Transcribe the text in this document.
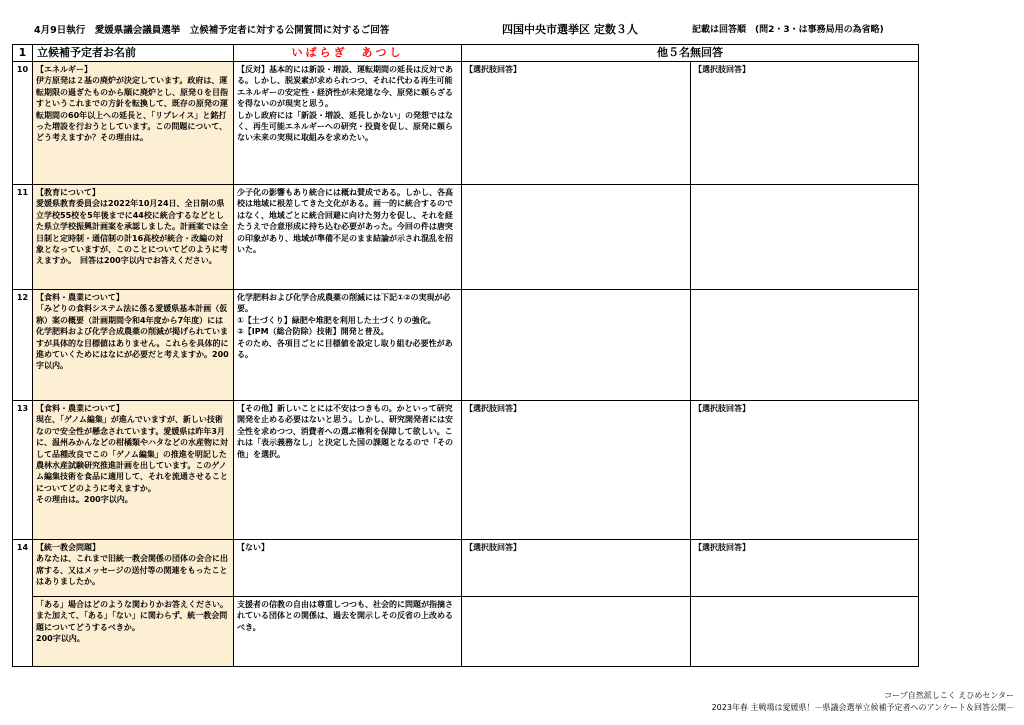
4月9日執行　愛媛県議会議員選挙　立候補予定者に対する公開質問に対するご回答	四国中央市選挙区 定数３人	記載は回答順　(問2・3・は事務局用の為省略)
1	立候補予定者お名前	いばらぎ　あつし	他５名無回答	
10	【エネルギー】
伊方原発は２基の廃炉が決定しています。政府は、運転期限の過ぎたものから順に廃炉とし、原発０を目指すというこれまでの方針を転換して、既存の原発の運転期間の60年以上への延長と、「リプレイス」と銘打った増設を行おうとしています。この問題について、どう考えますか？その理由は。	【反対】基本的には新設・増設、運転期間の延長は反対である。しかし、脱炭素が求められつつ、それに代わる再生可能エネルギーの安定性・経済性が未発達な今、原発に頼らざるを得ないのが現実と思う。
しかし政府には「新設・増設、延長しかない」の発想ではなく、再生可能エネルギーへの研究・投資を促し、原発に頼らない未来の実現に取組みを求めたい。	【選択肢回答】	【選択肢回答】
11	【教育について】
愛媛県教育委員会は2022年10月24日、全日制の県立学校55校を5年後までに44校に統合するなどとした県立学校振興計画案を承認しました。計画案では全日制と定時制・通信制の計16高校が統合・改編の対象となっていますが、このことについてどのように考えますか。　回答は200字以内でお答えください。	少子化の影響もあり統合には概ね賛成である。しかし、各高校は地域に根差してきた文化がある。画一的に統合するのではなく、地域ごとに統合回避に向けた努力を促し、それを経たうえで合意形成に持ち込む必要があった。今回の件は唐突の印象があり、地域が準備不足のまま結論が示され混乱を招いた。		
12	【食料・農業について】
「みどりの食料システム法に係る愛媛県基本計画（仮称）案の概要（計画期間令和4年度から7年度）には化学肥料および化学合成農薬の削減が掲げられていますが具体的な目標値はありません。これらを具体的に進めていくためにはなにが必要だと考えますか。200字以内。	化学肥料および化学合成農薬の削減には下記①②の実現が必要。
①【土づくり】緑肥や堆肥を利用した土づくりの強化。
②【IPM（総合防除）技術】開発と普及。
そのため、各項目ごとに目標値を設定し取り組む必要性がある。		
13	【食料・農業について】
現在、「ゲノム編集」が進んでいますが、新しい技術なので安全性が懸念されています。愛媛県は昨年3月に、温州みかんなどの柑橘類やハタなどの水産物に対して品種改良でこの「ゲノム編集」の推進を明記した農林水産試験研究推進計画を出しています。このゲノム編集技術を食品に適用して、それを流通させることについてどのように考えますか。
その理由は。200字以内。	【その他】新しいことには不安はつきもの。かといって研究開発を止める必要はないと思う。しかし、研究開発者には安全性を求めつつ、消費者への選ぶ権利を保障して欲しい。これは「表示義務なし」と決定した国の課題となるので「その他」を選択。	【選択肢回答】	【選択肢回答】
14	【統一教会問題】
あなたは、これまで旧統一教会関係の団体の会合に出席する、又はメッセージの送付等の関連をもったことはありましたか。	【ない】	【選択肢回答】	【選択肢回答】

	「ある」場合はどのような関わりかお答えください。
また加えて、「ある」「ない」に関わらず、統一教会問題についてどうするべきか。
200字以内。	支援者の信教の自由は尊重しつつも、社会的に問題が指摘されている団体との関係は、過去を開示しその反省の上改めるべき。		
コープ自然派しこく えひめセンター
2023年春 主戦場は愛媛県！－県議会選挙立候補予定者へのアンケート＆回答公開－
